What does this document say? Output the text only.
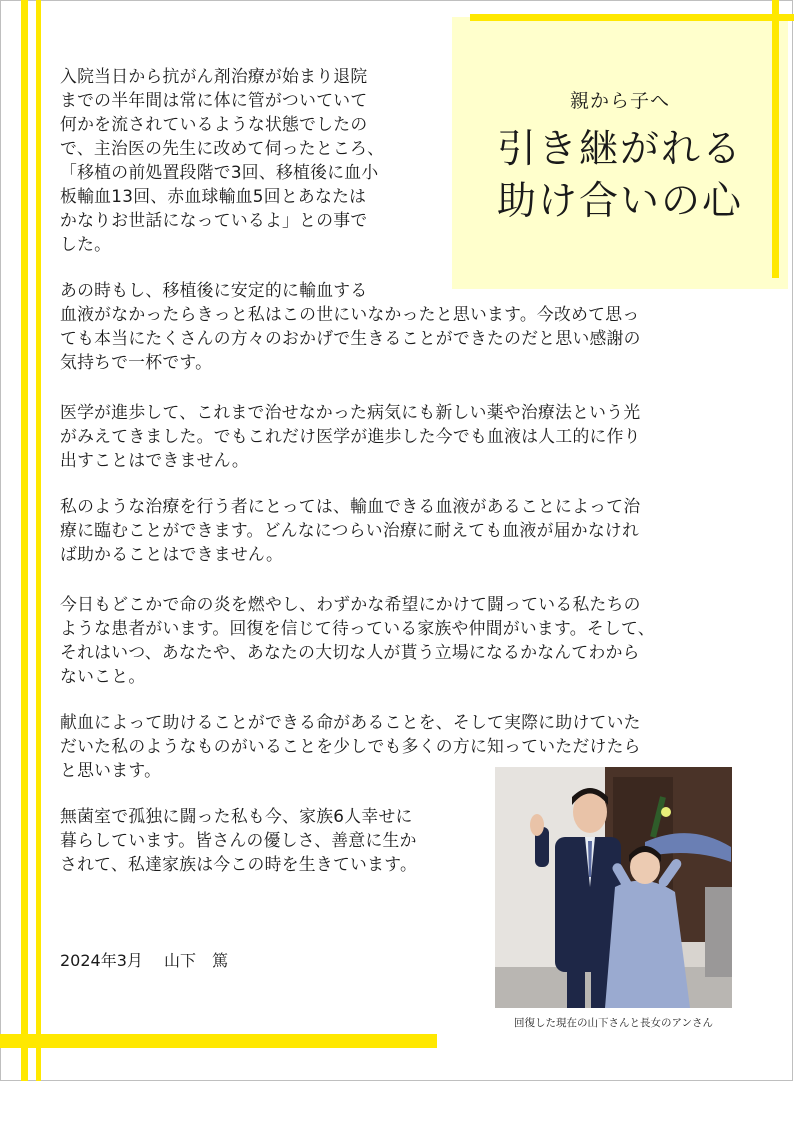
親から子へ
引き継がれる
助け合いの心

入院当日から抗がん剤治療が始まり退院
までの半年間は常に体に管がついていて
何かを流されているような状態でしたの
で、主治医の先生に改めて伺ったところ、
「移植の前処置段階で3回、移植後に血小
板輸血13回、赤血球輸血5回とあなたは
かなりお世話になっているよ」との事で
した。

あの時もし、移植後に安定的に輸血する
血液がなかったらきっと私はこの世にいなかったと思います。今改めて思っ
ても本当にたくさんの方々のおかげで生きることができたのだと思い感謝の
気持ちで一杯です。

医学が進歩して、これまで治せなかった病気にも新しい薬や治療法という光
がみえてきました。でもこれだけ医学が進歩した今でも血液は人工的に作り
出すことはできません。

私のような治療を行う者にとっては、輸血できる血液があることによって治
療に臨むことができます。どんなにつらい治療に耐えても血液が届かなけれ
ば助かることはできません。

今日もどこかで命の炎を燃やし、わずかな希望にかけて闘っている私たちの
ような患者がいます。回復を信じて待っている家族や仲間がいます。そして、
それはいつ、あなたや、あなたの大切な人が貰う立場になるかなんてわから
ないこと。

献血によって助けることができる命があることを、そして実際に助けていた
だいた私のようなものがいることを少しでも多くの方に知っていただけたら
と思います。

無菌室で孤独に闘った私も今、家族6人幸せに
暮らしています。皆さんの優しさ、善意に生か
されて、私達家族は今この時を生きています。

2024年3月　 山下　篤
回復した現在の山下さんと長女のアンさん
